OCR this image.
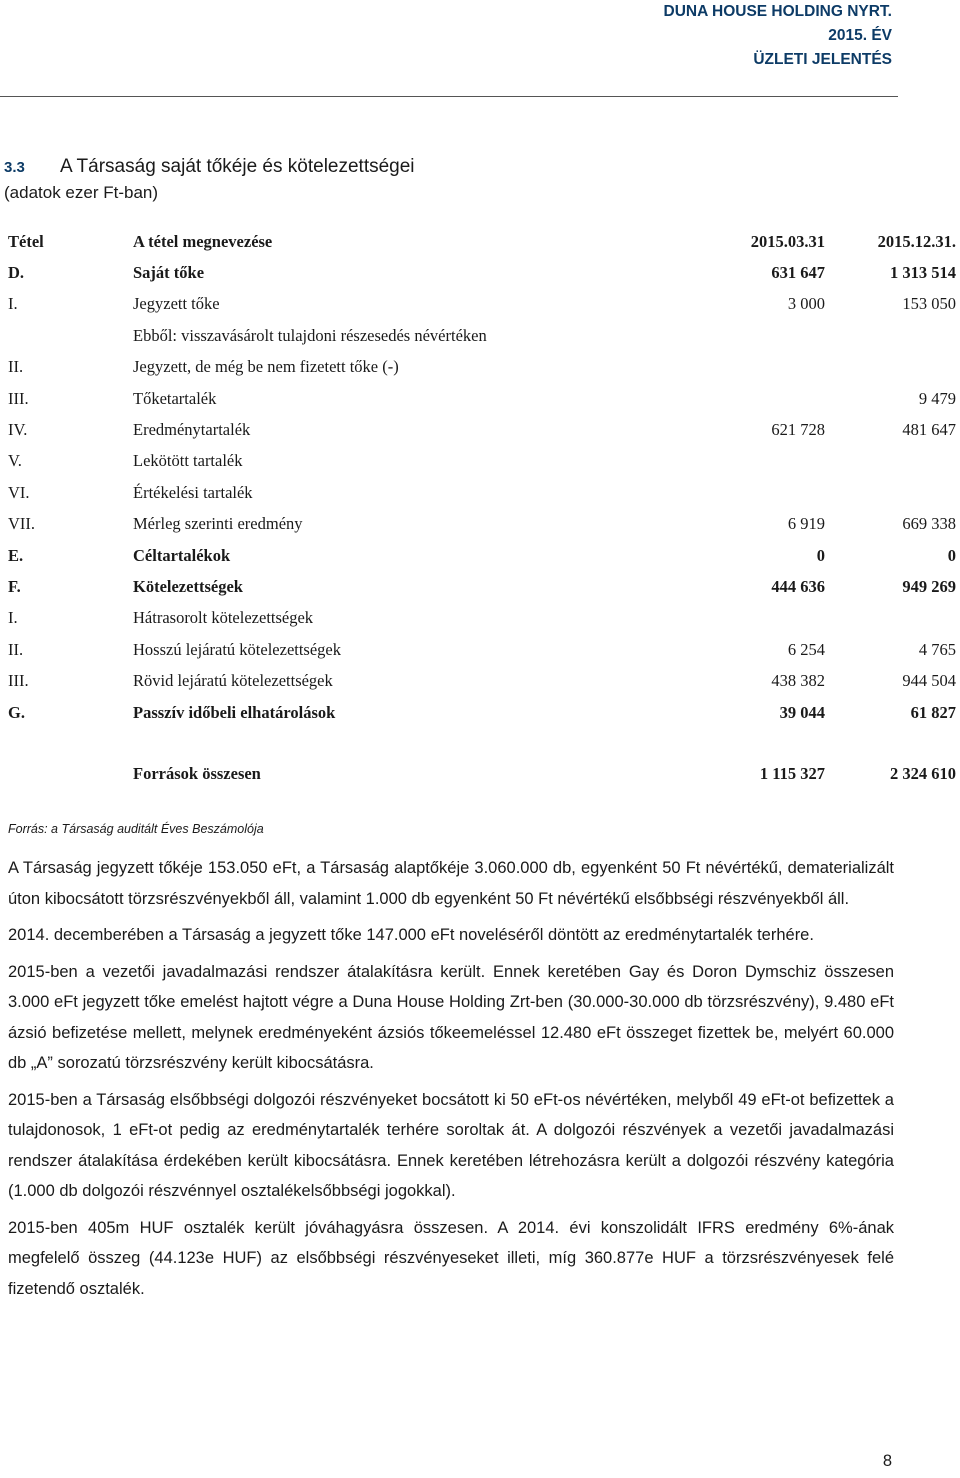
DUNA HOUSE HOLDING NYRT.
2015. ÉV
ÜZLETI JELENTÉS
3.3 A Társaság saját tőkéje és kötelezettségei
(adatok ezer Ft-ban)
Tétel	A tétel megnevezése	2015.03.31	2015.12.31.
D.	Saját tőke	631 647	1 313 514
I.	Jegyzett tőke	3 000	153 050
	Ebből: visszavásárolt tulajdoni részesedés névértéken		
II.	Jegyzett, de még be nem fizetett tőke (-)		
III.	Tőketartalék		9 479
IV.	Eredménytartalék	621 728	481 647
V.	Lekötött tartalék		
VI.	Értékelési tartalék		
VII.	Mérleg szerinti eredmény	6 919	669 338
E.	Céltartalékok	0	0
F.	Kötelezettségek	444 636	949 269
I.	Hátrasorolt kötelezettségek		
II.	Hosszú lejáratú kötelezettségek	6 254	4 765
III.	Rövid lejáratú kötelezettségek	438 382	944 504
G.	Passzív időbeli elhatárolások	39 044	61 827

	Források összesen	1 115 327	2 324 610
Forrás: a Társaság auditált Éves Beszámolója

A Társaság jegyzett tőkéje 153.050 eFt, a Társaság alaptőkéje 3.060.000 db, egyenként 50 Ft névértékű, dematerializált úton kibocsátott törzsrészvényekből áll, valamint 1.000 db egyenként 50 Ft névértékű elsőbbségi részvényekből áll.

2014. decemberében a Társaság a jegyzett tőke 147.000 eFt noveléséről döntött az eredménytartalék terhére.

2015-ben a vezetői javadalmazási rendszer átalakításra került. Ennek keretében Gay és Doron Dymschiz összesen 3.000 eFt jegyzett tőke emelést hajtott végre a Duna House Holding Zrt-ben (30.000-30.000 db törzsrészvény), 9.480 eFt ázsió befizetése mellett, melynek eredményeként ázsiós tőkeemeléssel 12.480 eFt összeget fizettek be, melyért 60.000 db „A” sorozatú törzsrészvény került kibocsátásra.

2015-ben a Társaság elsőbbségi dolgozói részvényeket bocsátott ki 50 eFt-os névértéken, melyből 49 eFt-ot befizettek a tulajdonosok, 1 eFt-ot pedig az eredménytartalék terhére soroltak át. A dolgozói részvények a vezetői javadalmazási rendszer átalakítása érdekében került kibocsátásra. Ennek keretében létrehozásra került a dolgozói részvény kategória (1.000 db dolgozói részvénnyel osztalékelsőbbségi jogokkal).

2015-ben 405m HUF osztalék került jóváhagyásra összesen. A 2014. évi konszolidált IFRS eredmény 6%-ának megfelelő összeg (44.123e HUF) az elsőbbségi részvényeseket illeti, míg 360.877e HUF a törzsrészvényesek felé fizetendő osztalék.

8
